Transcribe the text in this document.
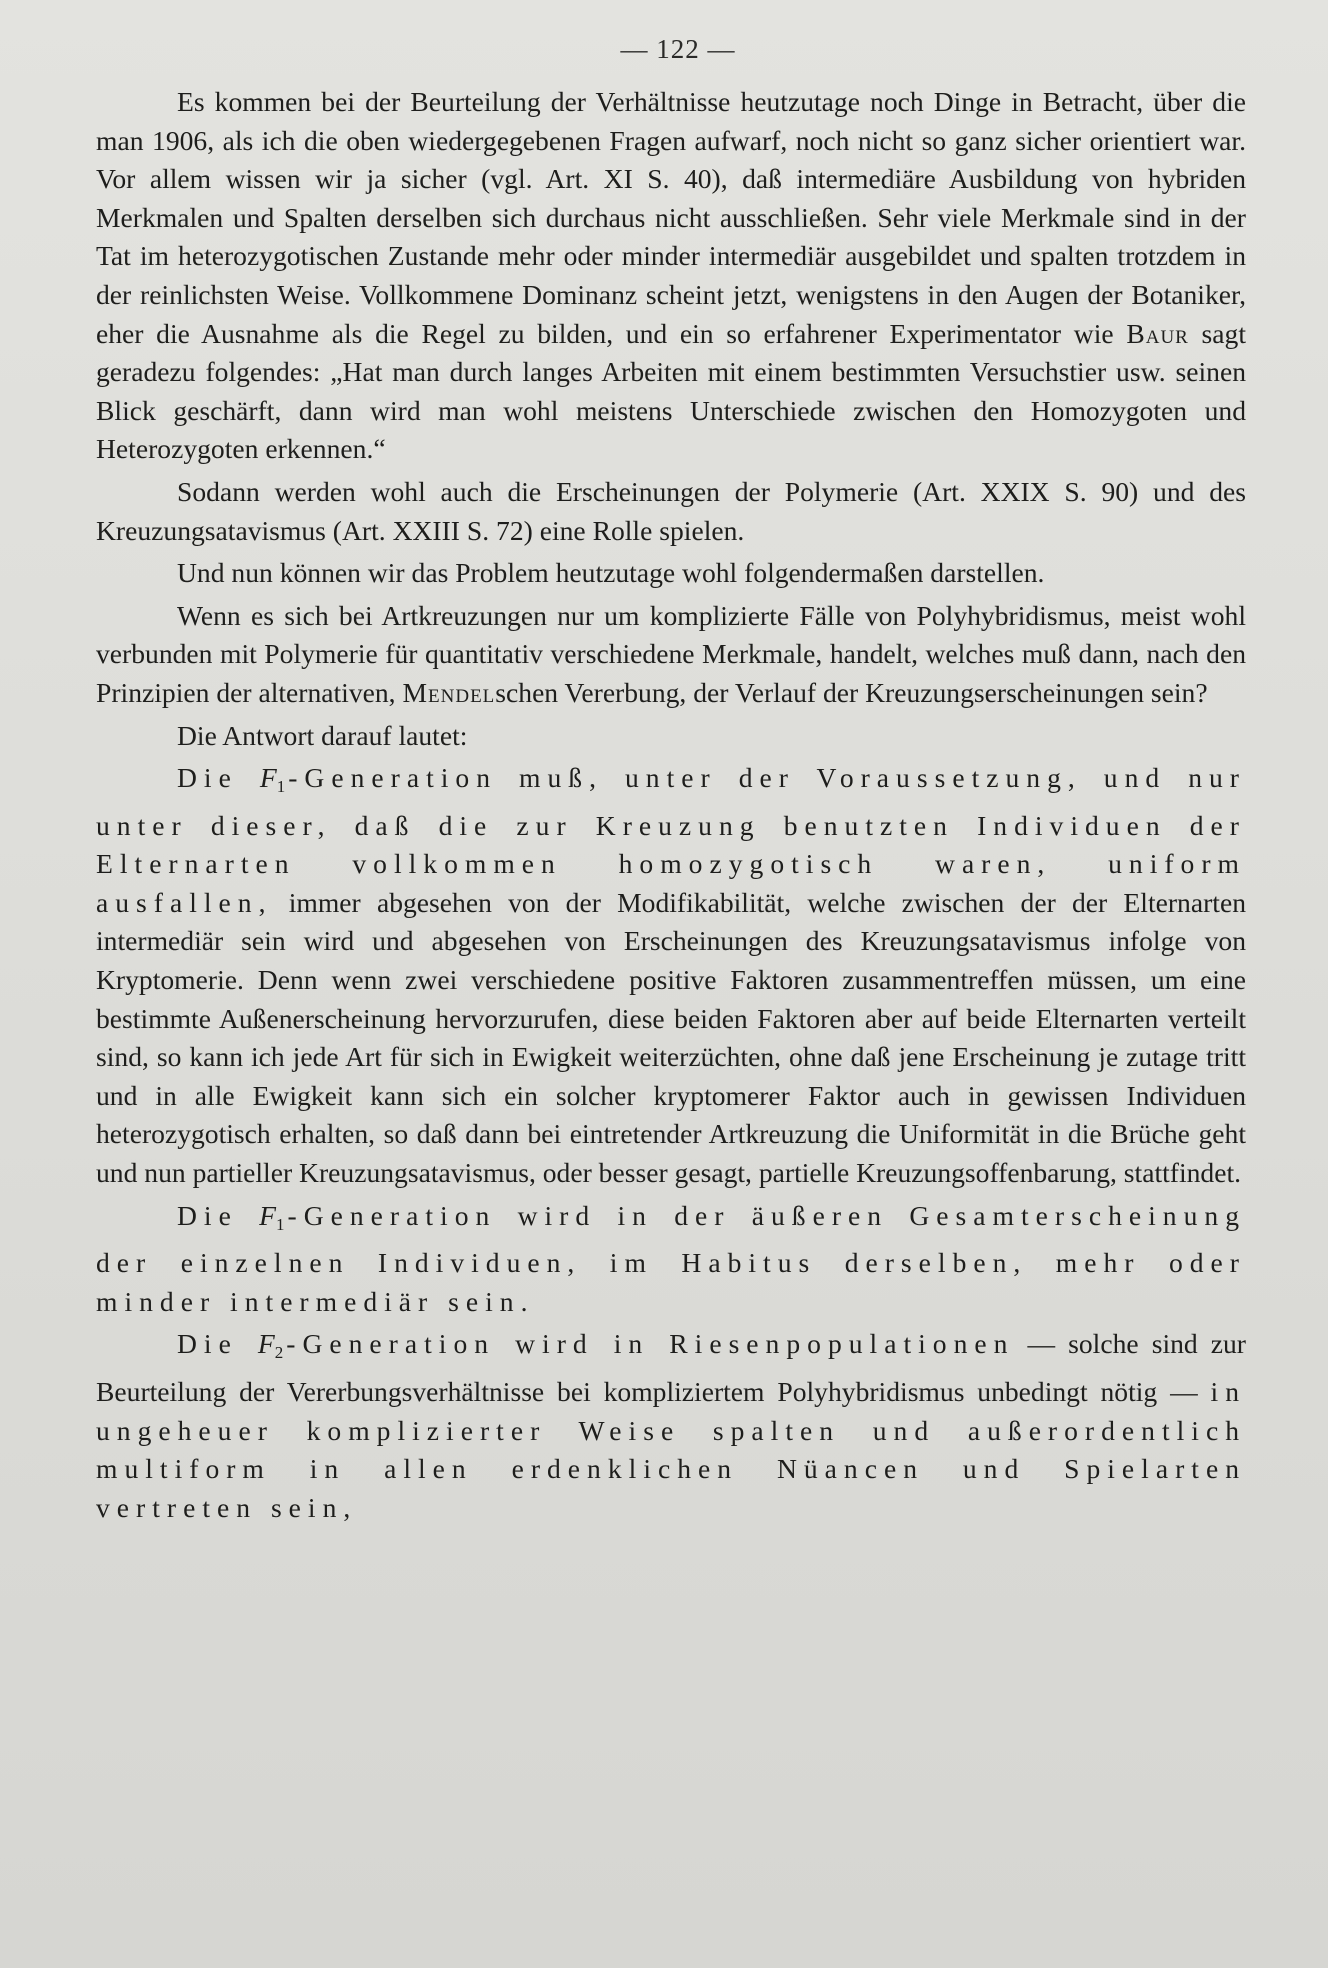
— 122 —

Es kommen bei der Beurteilung der Verhältnisse heutzutage noch Dinge in Betracht, über die man 1906, als ich die oben wiedergegebenen Fragen aufwarf, noch nicht so ganz sicher orientiert war. Vor allem wissen wir ja sicher (vgl. Art. XI S. 40), daß intermediäre Ausbildung von hybriden Merkmalen und Spalten derselben sich durchaus nicht ausschließen. Sehr viele Merkmale sind in der Tat im heterozygotischen Zustande mehr oder minder intermediär ausgebildet und spalten trotzdem in der reinlichsten Weise. Vollkommene Dominanz scheint jetzt, wenigstens in den Augen der Botaniker, eher die Ausnahme als die Regel zu bilden, und ein so erfahrener Experimentator wie Baur sagt geradezu folgendes: „Hat man durch langes Arbeiten mit einem bestimmten Versuchstier usw. seinen Blick geschärft, dann wird man wohl meistens Unterschiede zwischen den Homozygoten und Heterozygoten erkennen.“

Sodann werden wohl auch die Erscheinungen der Polymerie (Art. XXIX S. 90) und des Kreuzungsatavismus (Art. XXIII S. 72) eine Rolle spielen.

Und nun können wir das Problem heutzutage wohl folgendermaßen darstellen.

Wenn es sich bei Artkreuzungen nur um komplizierte Fälle von Polyhybridismus, meist wohl verbunden mit Polymerie für quantitativ verschiedene Merkmale, handelt, welches muß dann, nach den Prinzipien der alternativen, Mendelschen Vererbung, der Verlauf der Kreuzungserscheinungen sein?

Die Antwort darauf lautet:

Die $F_1$-Generation muß, unter der Voraussetzung, und nur unter dieser, daß die zur Kreuzung benutzten Individuen der Elternarten vollkommen homozygotisch waren, uniform ausfallen, immer abgesehen von der Modifikabilität, welche zwischen der der Elternarten intermediär sein wird und abgesehen von Erscheinungen des Kreuzungsatavismus infolge von Kryptomerie. Denn wenn zwei verschiedene positive Faktoren zusammentreffen müssen, um eine bestimmte Außenerscheinung hervorzurufen, diese beiden Faktoren aber auf beide Elternarten verteilt sind, so kann ich jede Art für sich in Ewigkeit weiterzüchten, ohne daß jene Erscheinung je zutage tritt und in alle Ewigkeit kann sich ein solcher kryptomerer Faktor auch in gewissen Individuen heterozygotisch erhalten, so daß dann bei eintretender Artkreuzung die Uniformität in die Brüche geht und nun partieller Kreuzungsatavismus, oder besser gesagt, partielle Kreuzungsoffenbarung, stattfindet.

Die $F_1$-Generation wird in der äußeren Gesamterscheinung der einzelnen Individuen, im Habitus derselben, mehr oder minder intermediär sein.

Die $F_2$-Generation wird in Riesenpopulationen — solche sind zur Beurteilung der Vererbungsverhältnisse bei kompliziertem Polyhybridismus unbedingt nötig — in ungeheuer komplizierter Weise spalten und außerordentlich multiform in allen erdenklichen Nüancen und Spielarten vertreten sein,
